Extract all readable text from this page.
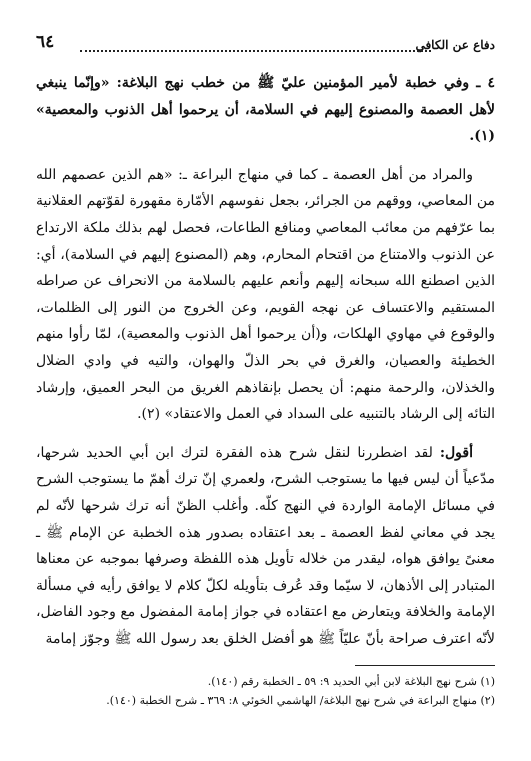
٦٤	دفاع عن الكافي

٤ ـ وفي خطبة لأمير المؤمنين عليّ ﷺ من خطب نهج البلاغة: «وإنّما ينبغي لأهل العصمة والمصنوع إليهم في السلامة، أن يرحموا أهل الذنوب والمعصية» (١).

والمراد من أهل العصمة ـ كما في منهاج البراعة ـ: «هم الذين عصمهم الله من المعاصي، ووقهم من الجرائر، بجعل نفوسهم الأمّارة مقهورة لقوّتهم العقلانية بما عرّفهم من معائب المعاصي ومنافع الطاعات، فحصل لهم بذلك ملكة الارتداع عن الذنوب والامتناع من اقتحام المحارم، وهم (المصنوع إليهم في السلامة)، أي: الذين اصطنع الله سبحانه إليهم وأنعم عليهم بالسلامة من الانحراف عن صراطه المستقيم والاعتساف عن نهجه القويم، وعن الخروج من النور إلى الظلمات، والوقوع في مهاوي الهلكات، و(أن يرحموا أهل الذنوب والمعصية)، لمّا رأوا منهم الخطيئة والعصيان، والغرق في بحر الذلّ والهوان، والتيه في وادي الضلال والخذلان، والرحمة منهم: أن يحصل بإنقاذهم الغريق من البحر العميق، وإرشاد التائه إلى الرشاد بالتنبيه على السداد في العمل والاعتقاد» (٢).

أقول: لقد اضطررنا لنقل شرح هذه الفقرة لترك ابن أبي الحديد شرحها، مدّعياً أن ليس فيها ما يستوجب الشرح، ولعمري إنّ ترك أهمّ ما يستوجب الشرح في مسائل الإمامة الواردة في النهج كلّه. وأغلب الظنّ أنه ترك شرحها لأنّه لم يجد في معاني لفظ العصمة ـ بعد اعتقاده بصدور هذه الخطبة عن الإمام ﷺ ـ معنىً يوافق هواه، ليقدر من خلاله تأويل هذه اللفظة وصرفها بموجبه عن معناها المتبادر إلى الأذهان، لا سيّما وقد عُرف بتأويله لكلّ كلام لا يوافق رأيه في مسألة الإمامة والخلافة ويتعارض مع اعتقاده في جواز إمامة المفضول مع وجود الفاضل، لأنّه اعترف صراحة بأنّ عليّاً ﷺ هو أفضل الخلق بعد رسول الله ﷺ وجوّز إمامة

(١) شرح نهج البلاغة لابن أبي الحديد ٩: ٥٩ ـ الخطبة رقم (١٤٠).
(٢) منهاج البراعة في شرح نهج البلاغة/ الهاشمي الخوئي ٨: ٣٦٩ ـ شرح الخطبة (١٤٠).
